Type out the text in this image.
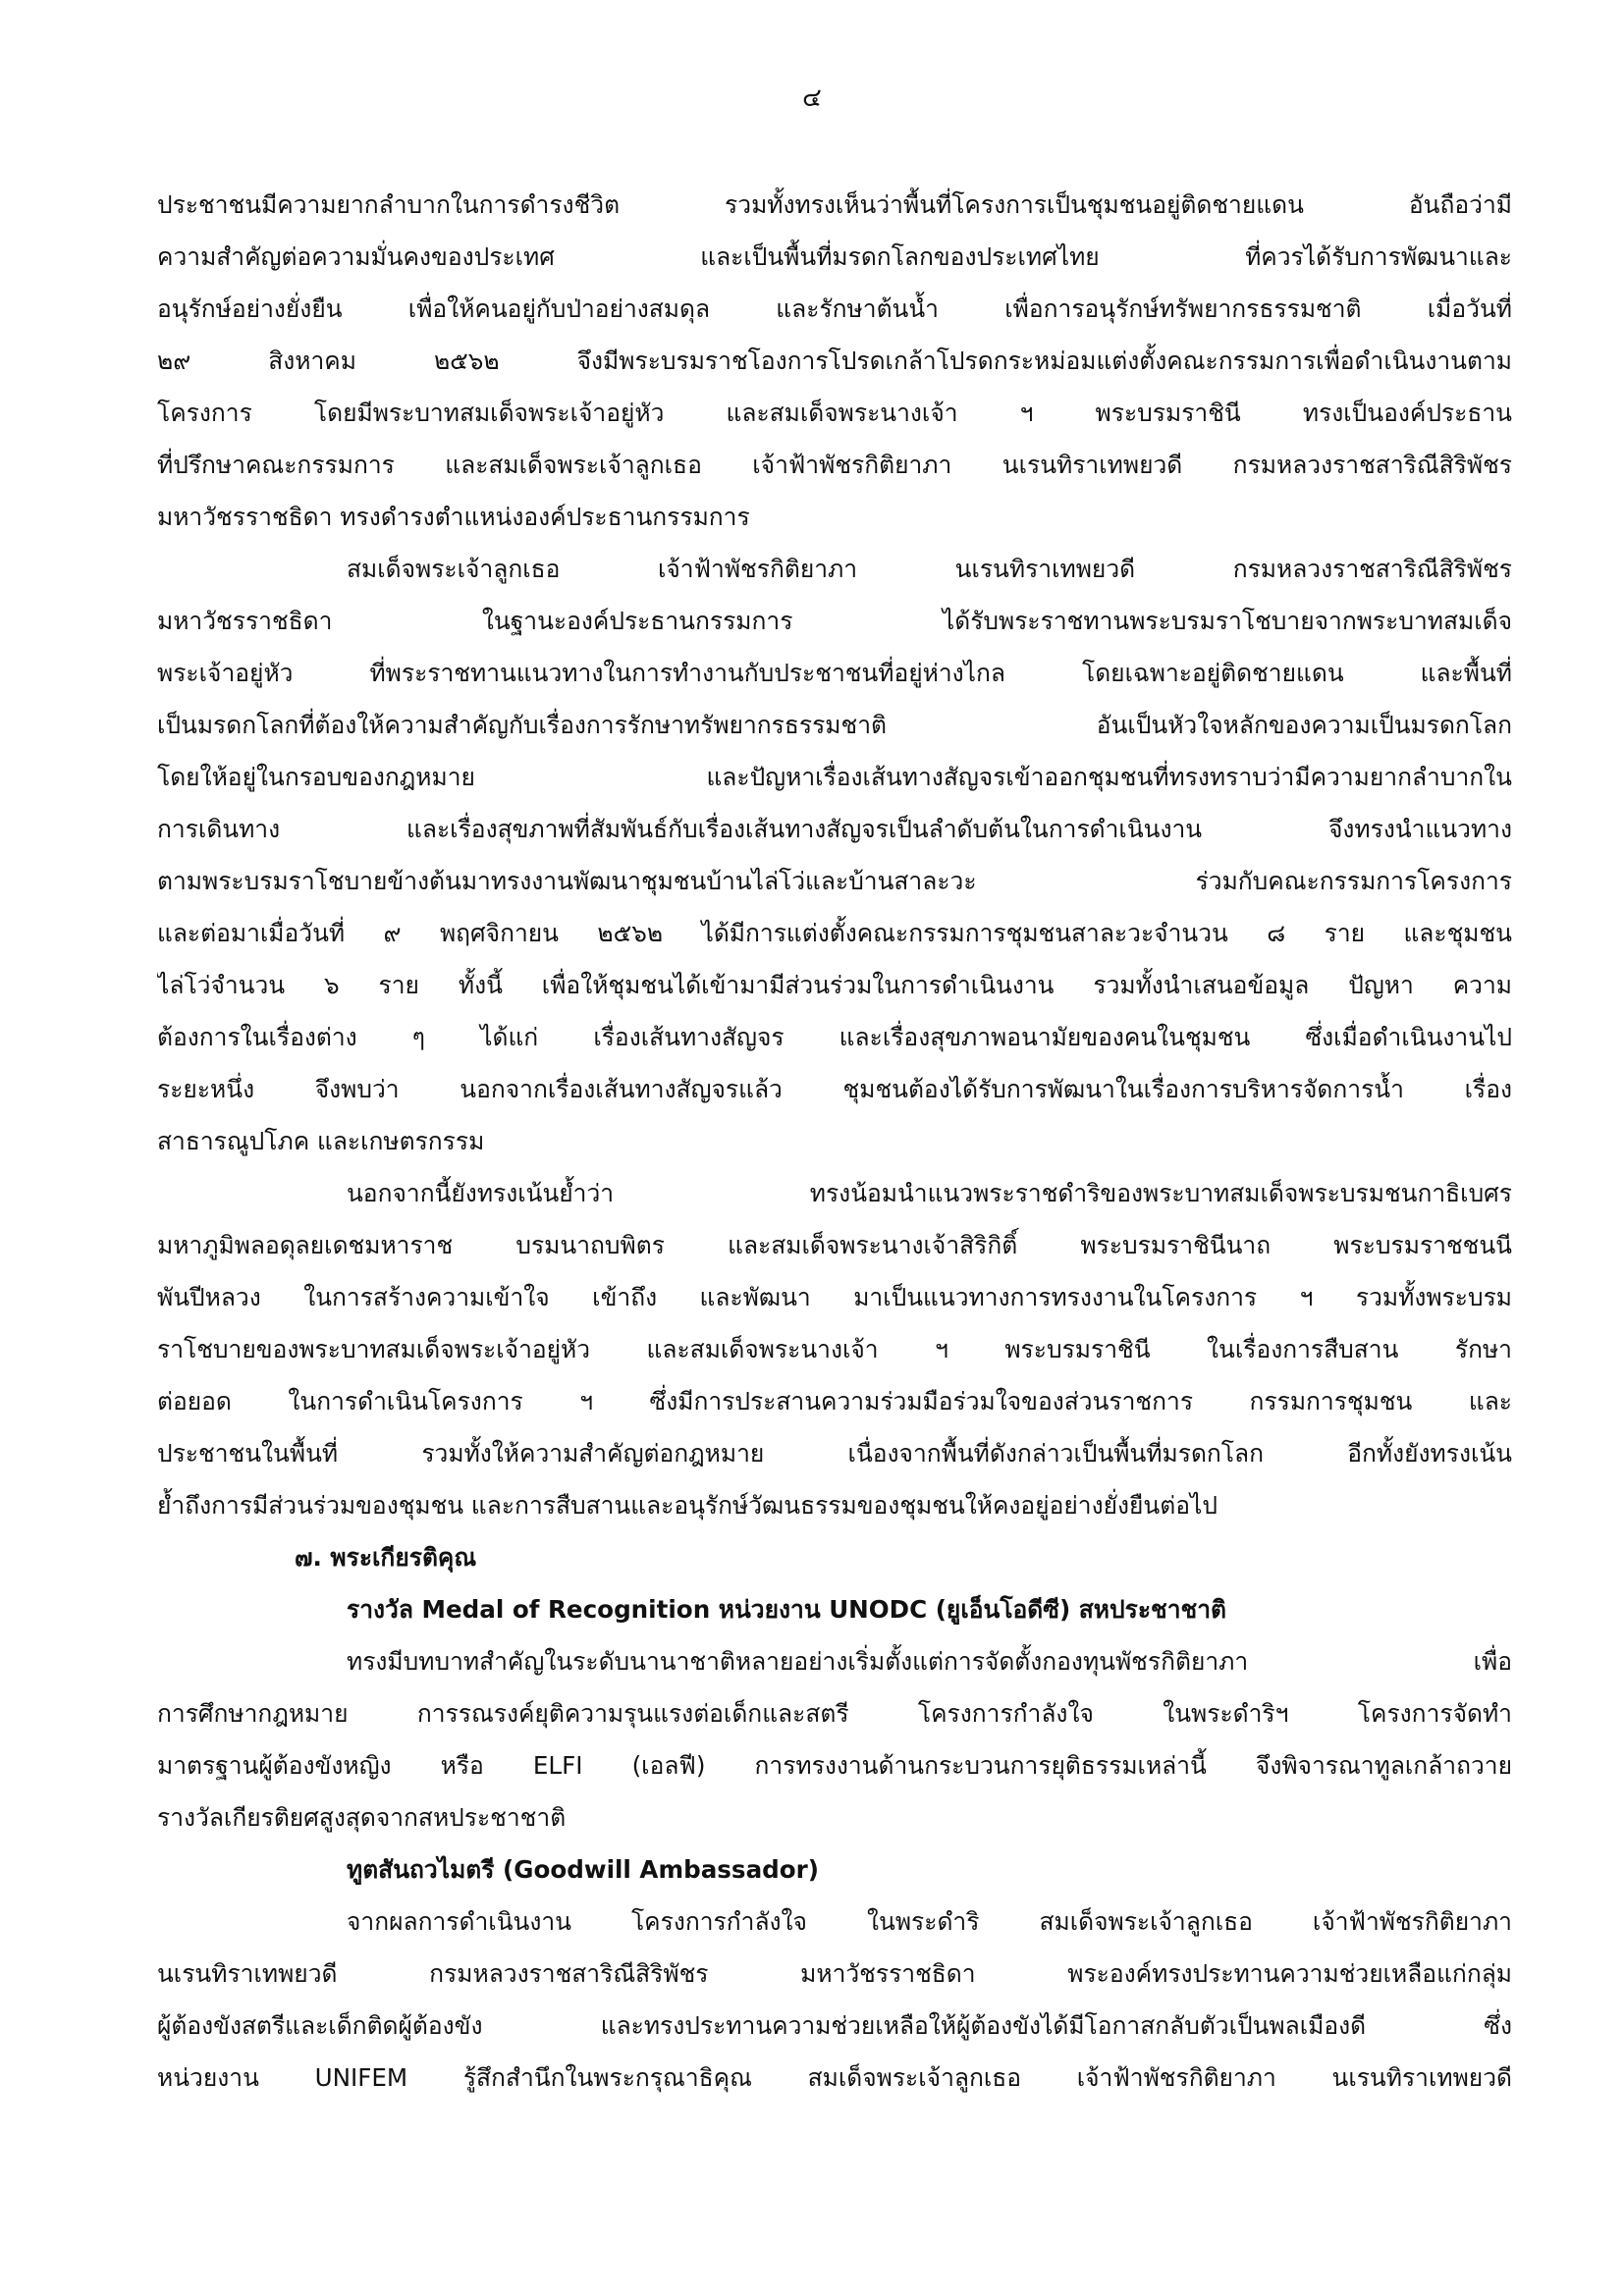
๔
ประชาชนมีความยากลำบากในการดำรงชีวิต รวมทั้งทรงเห็นว่าพื้นที่โครงการเป็นชุมชนอยู่ติดชายแดน อันถือว่ามี
ความสำคัญต่อความมั่นคงของประเทศ และเป็นพื้นที่มรดกโลกของประเทศไทย ที่ควรได้รับการพัฒนาและ
อนุรักษ์อย่างยั่งยืน เพื่อให้คนอยู่กับป่าอย่างสมดุล และรักษาต้นน้ำ เพื่อการอนุรักษ์ทรัพยากรธรรมชาติ เมื่อวันที่
๒๙ สิงหาคม ๒๕๖๒ จึงมีพระบรมราชโองการโปรดเกล้าโปรดกระหม่อมแต่งตั้งคณะกรรมการเพื่อดำเนินงานตาม
โครงการ โดยมีพระบาทสมเด็จพระเจ้าอยู่หัว และสมเด็จพระนางเจ้า ฯ พระบรมราชินี ทรงเป็นองค์ประธาน
ที่ปรึกษาคณะกรรมการ และสมเด็จพระเจ้าลูกเธอ เจ้าฟ้าพัชรกิติยาภา นเรนทิราเทพยวดี กรมหลวงราชสาริณีสิริพัชร
มหาวัชรราชธิดา ทรงดำรงตำแหน่งองค์ประธานกรรมการ
สมเด็จพระเจ้าลูกเธอ เจ้าฟ้าพัชรกิติยาภา นเรนทิราเทพยวดี กรมหลวงราชสาริณีสิริพัชร
มหาวัชรราชธิดา ในฐานะองค์ประธานกรรมการ ได้รับพระราชทานพระบรมราโชบายจากพระบาทสมเด็จ
พระเจ้าอยู่หัว ที่พระราชทานแนวทางในการทำงานกับประชาชนที่อยู่ห่างไกล โดยเฉพาะอยู่ติดชายแดน และพื้นที่
เป็นมรดกโลกที่ต้องให้ความสำคัญกับเรื่องการรักษาทรัพยากรธรรมชาติ อันเป็นหัวใจหลักของความเป็นมรดกโลก
โดยให้อยู่ในกรอบของกฎหมาย และปัญหาเรื่องเส้นทางสัญจรเข้าออกชุมชนที่ทรงทราบว่ามีความยากลำบากใน
การเดินทาง และเรื่องสุขภาพที่สัมพันธ์กับเรื่องเส้นทางสัญจรเป็นลำดับต้นในการดำเนินงาน จึงทรงนำแนวทาง
ตามพระบรมราโชบายข้างต้นมาทรงงานพัฒนาชุมชนบ้านไล่โว่และบ้านสาละวะ ร่วมกับคณะกรรมการโครงการ
และต่อมาเมื่อวันที่ ๙ พฤศจิกายน ๒๕๖๒ ได้มีการแต่งตั้งคณะกรรมการชุมชนสาละวะจำนวน ๘ ราย และชุมชน
ไล่โว่จำนวน ๖ ราย ทั้งนี้ เพื่อให้ชุมชนได้เข้ามามีส่วนร่วมในการดำเนินงาน รวมทั้งนำเสนอข้อมูล ปัญหา ความ
ต้องการในเรื่องต่าง ๆ ได้แก่ เรื่องเส้นทางสัญจร และเรื่องสุขภาพอนามัยของคนในชุมชน ซึ่งเมื่อดำเนินงานไป
ระยะหนึ่ง จึงพบว่า นอกจากเรื่องเส้นทางสัญจรแล้ว ชุมชนต้องได้รับการพัฒนาในเรื่องการบริหารจัดการน้ำ เรื่อง
สาธารณูปโภค และเกษตรกรรม
นอกจากนี้ยังทรงเน้นย้ำว่า ทรงน้อมนำแนวพระราชดำริของพระบาทสมเด็จพระบรมชนกาธิเบศร
มหาภูมิพลอดุลยเดชมหาราช บรมนาถบพิตร และสมเด็จพระนางเจ้าสิริกิติ์ พระบรมราชินีนาถ พระบรมราชชนนี
พันปีหลวง ในการสร้างความเข้าใจ เข้าถึง และพัฒนา มาเป็นแนวทางการทรงงานในโครงการ ฯ รวมทั้งพระบรม
ราโชบายของพระบาทสมเด็จพระเจ้าอยู่หัว และสมเด็จพระนางเจ้า ฯ พระบรมราชินี ในเรื่องการสืบสาน รักษา
ต่อยอด ในการดำเนินโครงการ ฯ ซึ่งมีการประสานความร่วมมือร่วมใจของส่วนราชการ กรรมการชุมชน และ
ประชาชนในพื้นที่ รวมทั้งให้ความสำคัญต่อกฎหมาย เนื่องจากพื้นที่ดังกล่าวเป็นพื้นที่มรดกโลก อีกทั้งยังทรงเน้น
ย้ำถึงการมีส่วนร่วมของชุมชน และการสืบสานและอนุรักษ์วัฒนธรรมของชุมชนให้คงอยู่อย่างยั่งยืนต่อไป
๗. พระเกียรติคุณ
รางวัล Medal of Recognition หน่วยงาน UNODC (ยูเอ็นโอดีซี) สหประชาชาติ
ทรงมีบทบาทสำคัญในระดับนานาชาติหลายอย่างเริ่มตั้งแต่การจัดตั้งกองทุนพัชรกิติยาภา เพื่อ
การศึกษากฎหมาย การรณรงค์ยุติความรุนแรงต่อเด็กและสตรี โครงการกำลังใจ ในพระดำริฯ โครงการจัดทำ
มาตรฐานผู้ต้องขังหญิง หรือ ELFI (เอลฟี) การทรงงานด้านกระบวนการยุติธรรมเหล่านี้ จึงพิจารณาทูลเกล้าถวาย
รางวัลเกียรติยศสูงสุดจากสหประชาชาติ
ทูตสันถวไมตรี (Goodwill Ambassador)
จากผลการดำเนินงาน โครงการกำลังใจ ในพระดำริ สมเด็จพระเจ้าลูกเธอ เจ้าฟ้าพัชรกิติยาภา
นเรนทิราเทพยวดี กรมหลวงราชสาริณีสิริพัชร มหาวัชรราชธิดา พระองค์ทรงประทานความช่วยเหลือแก่กลุ่ม
ผู้ต้องขังสตรีและเด็กติดผู้ต้องขัง และทรงประทานความช่วยเหลือให้ผู้ต้องขังได้มีโอกาสกลับตัวเป็นพลเมืองดี ซึ่ง
หน่วยงาน UNIFEM รู้สึกสำนึกในพระกรุณาธิคุณ สมเด็จพระเจ้าลูกเธอ เจ้าฟ้าพัชรกิติยาภา นเรนทิราเทพยวดี
